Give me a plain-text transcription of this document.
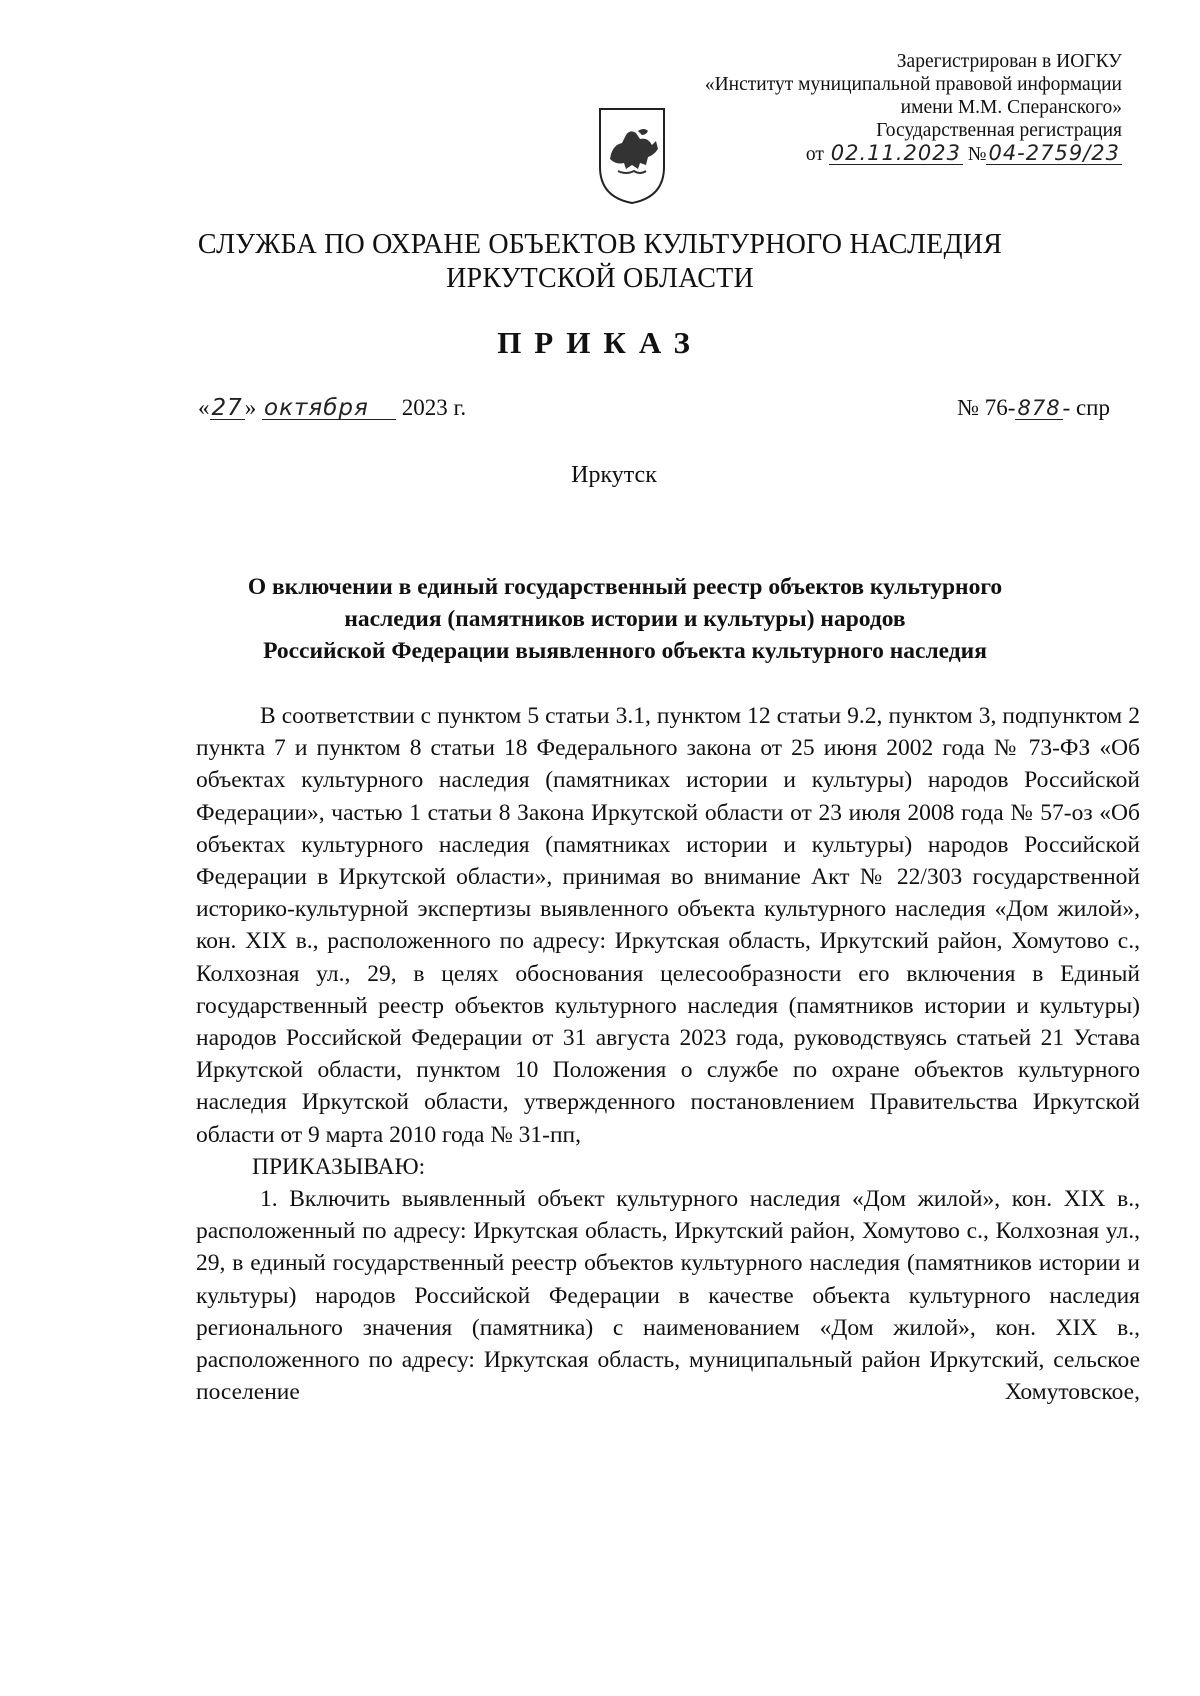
Зарегистрирован в ИОГКУ
«Институт муниципальной правовой информации
имени М.М. Сперанского»
Государственная регистрация
от 02.11.2023 №04-2759/23
СЛУЖБА ПО ОХРАНЕ ОБЪЕКТОВ КУЛЬТУРНОГО НАСЛЕДИЯ
ИРКУТСКОЙ ОБЛАСТИ
ПРИКАЗ
«27» октября 2023 г.	№ 76-878- спр
Иркутск
О включении в единый государственный реестр объектов культурного
наследия (памятников истории и культуры) народов
Российской Федерации выявленного объекта культурного наследия

В соответствии с пунктом 5 статьи 3.1, пунктом 12 статьи 9.2, пунктом 3, подпунктом 2 пункта 7 и пунктом 8 статьи 18 Федерального закона от 25 июня 2002 года № 73-ФЗ «Об объектах культурного наследия (памятниках истории и культуры) народов Российской Федерации», частью 1 статьи 8 Закона Иркутской области от 23 июля 2008 года № 57-оз «Об объектах культурного наследия (памятниках истории и культуры) народов Российской Федерации в Иркутской области», принимая во внимание Акт № 22/303 государственной историко-культурной экспертизы выявленного объекта культурного наследия «Дом жилой», кон. XIX в., расположенного по адресу: Иркутская область, Иркутский район, Хомутово с., Колхозная ул., 29, в целях обоснования целесообразности его включения в Единый государственный реестр объектов культурного наследия (памятников истории и культуры) народов Российской Федерации от 31 августа 2023 года, руководствуясь статьей 21 Устава Иркутской области, пунктом 10 Положения о службе по охране объектов культурного наследия Иркутской области, утвержденного постановлением Правительства Иркутской области от 9 марта 2010 года № 31-пп,

ПРИКАЗЫВАЮ:

1. Включить выявленный объект культурного наследия «Дом жилой», кон. XIX в., расположенный по адресу: Иркутская область, Иркутский район, Хомутово с., Колхозная ул., 29, в единый государственный реестр объектов культурного наследия (памятников истории и культуры) народов Российской Федерации в качестве объекта культурного наследия регионального значения (памятника) с наименованием «Дом жилой», кон. XIX в., расположенного по адресу: Иркутская область, муниципальный район Иркутский, сельское поселение Хомутовское,
